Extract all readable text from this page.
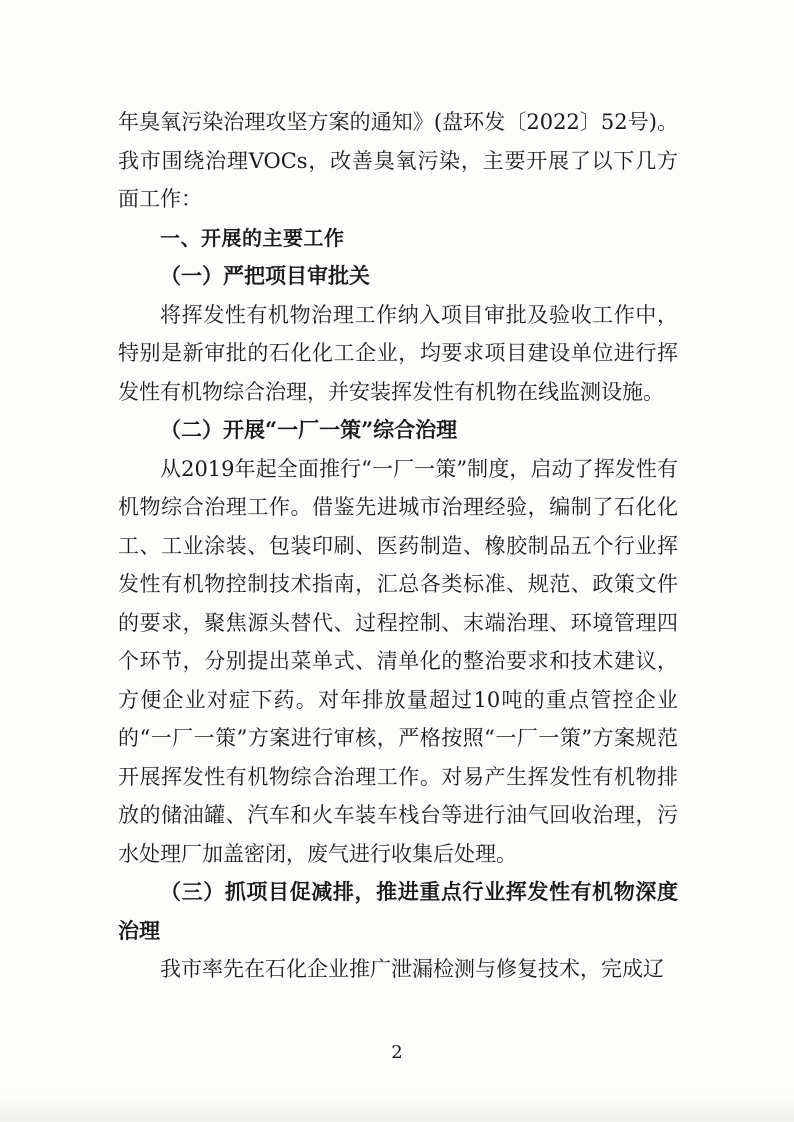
年臭氧污染治理攻坚方案的通知》(盘环发〔2022〕52号)。我市围绕治理VOCs，改善臭氧污染，主要开展了以下几方面工作：

一、开展的主要工作

（一）严把项目审批关

将挥发性有机物治理工作纳入项目审批及验收工作中，特别是新审批的石化化工企业，均要求项目建设单位进行挥发性有机物综合治理，并安装挥发性有机物在线监测设施。

（二）开展“一厂一策”综合治理

从2019年起全面推行“一厂一策”制度，启动了挥发性有机物综合治理工作。借鉴先进城市治理经验，编制了石化化工、工业涂装、包装印刷、医药制造、橡胶制品五个行业挥发性有机物控制技术指南，汇总各类标准、规范、政策文件的要求，聚焦源头替代、过程控制、末端治理、环境管理四个环节，分别提出菜单式、清单化的整治要求和技术建议，方便企业对症下药。对年排放量超过10吨的重点管控企业的“一厂一策”方案进行审核，严格按照“一厂一策”方案规范开展挥发性有机物综合治理工作。对易产生挥发性有机物排放的储油罐、汽车和火车装车栈台等进行油气回收治理，污水处理厂加盖密闭，废气进行收集后处理。

（三）抓项目促减排，推进重点行业挥发性有机物深度治理

我市率先在石化企业推广泄漏检测与修复技术，完成辽

2
